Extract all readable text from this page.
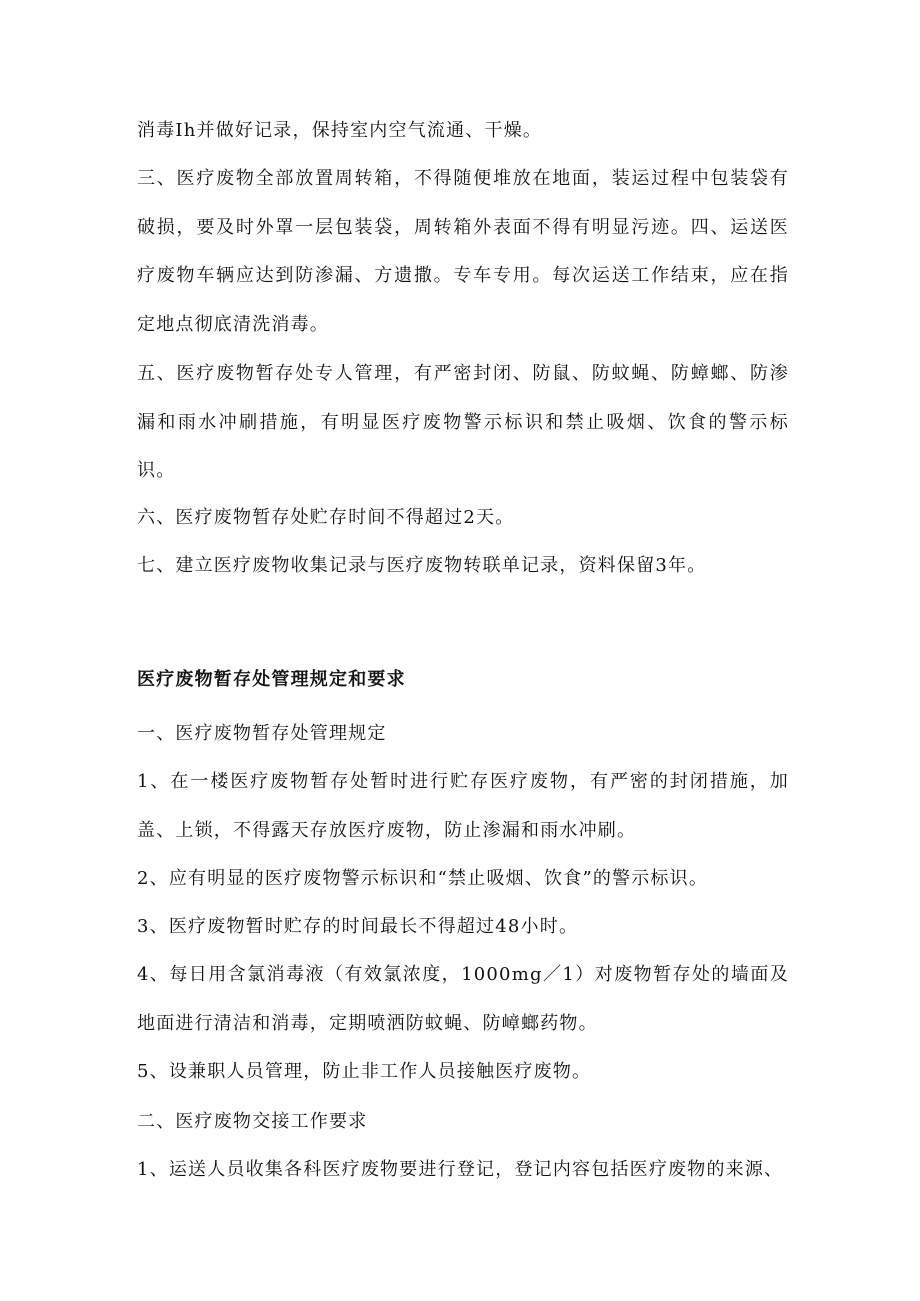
消毒Ih并做好记录，保持室内空气流通、干燥。

三、医疗废物全部放置周转箱，不得随便堆放在地面，装运过程中包装袋有破损，要及时外罩一层包装袋，周转箱外表面不得有明显污迹。四、运送医疗废物车辆应达到防渗漏、方遗撒。专车专用。每次运送工作结束，应在指定地点彻底清洗消毒。

五、医疗废物暂存处专人管理，有严密封闭、防鼠、防蚊蝇、防蟑螂、防渗漏和雨水冲刷措施，有明显医疗废物警示标识和禁止吸烟、饮食的警示标识。

六、医疗废物暂存处贮存时间不得超过2天。

七、建立医疗废物收集记录与医疗废物转联单记录，资料保留3年。

医疗废物暂存处管理规定和要求

一、医疗废物暂存处管理规定

1、在一楼医疗废物暂存处暂时进行贮存医疗废物，有严密的封闭措施，加盖、上锁，不得露天存放医疗废物，防止渗漏和雨水冲刷。

2、应有明显的医疗废物警示标识和“禁止吸烟、饮食”的警示标识。

3、医疗废物暂时贮存的时间最长不得超过48小时。

4、每日用含氯消毒液（有效氯浓度，1000mg／1）对废物暂存处的墙面及地面进行清洁和消毒，定期喷洒防蚊蝇、防嶂螂药物。

5、设兼职人员管理，防止非工作人员接触医疗废物。

二、医疗废物交接工作要求

1、运送人员收集各科医疗废物要进行登记，登记内容包括医疗废物的来源、
